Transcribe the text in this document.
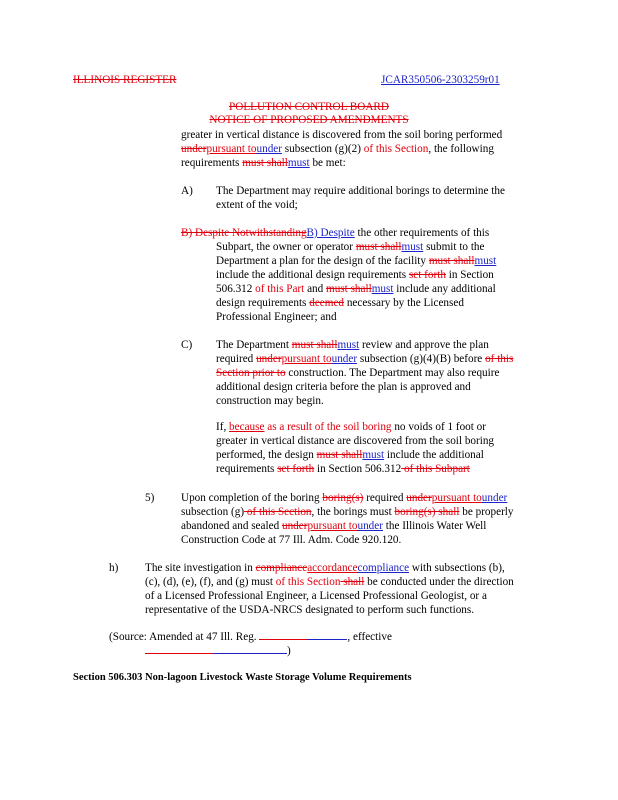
ILLINOIS REGISTER	JCAR350506-2303259r01
POLLUTION CONTROL BOARD
NOTICE OF PROPOSED AMENDMENTS
greater in vertical distance is discovered from the soil boring performed
underpursuant tounder subsection (g)(2) of this Section, the following
requirements must shallmust be met:
A) The Department may require additional borings to determine the
extent of the void;
B) Despite NotwithstandingB) Despite the other requirements of this
Subpart, the owner or operator must shallmust submit to the
Department a plan for the design of the facility must shallmust
include the additional design requirements set forth in Section
506.312 of this Part and must shallmust include any additional
design requirements deemed necessary by the Licensed
Professional Engineer; and
C) The Department must shallmust review and approve the plan
required underpursuant tounder subsection (g)(4)(B) before of this
Section prior to construction. The Department may also require
additional design criteria before the plan is approved and
construction may begin.
If, because as a result of the soil boring no voids of 1 foot or
greater in vertical distance are discovered from the soil boring
performed, the design must shallmust include the additional
requirements set forth in Section 506.312 of this Subpart
5) Upon completion of the boring boring(s) required underpursuant tounder
subsection (g) of this Section, the borings must boring(s) shall be properly
abandoned and sealed underpursuant tounder the Illinois Water Well
Construction Code at 77 Ill. Adm. Code 920.120.
h) The site investigation in complianceaccordancecompliance with subsections (b),
(c), (d), (e), (f), and (g) must of this Section shall be conducted under the direction
of a Licensed Professional Engineer, a Licensed Professional Geologist, or a
representative of the USDA-NRCS designated to perform such functions.
(Source: Amended at 47 Ill. Reg.	, effective
)
Section 506.303 Non-lagoon Livestock Waste Storage Volume Requirements
